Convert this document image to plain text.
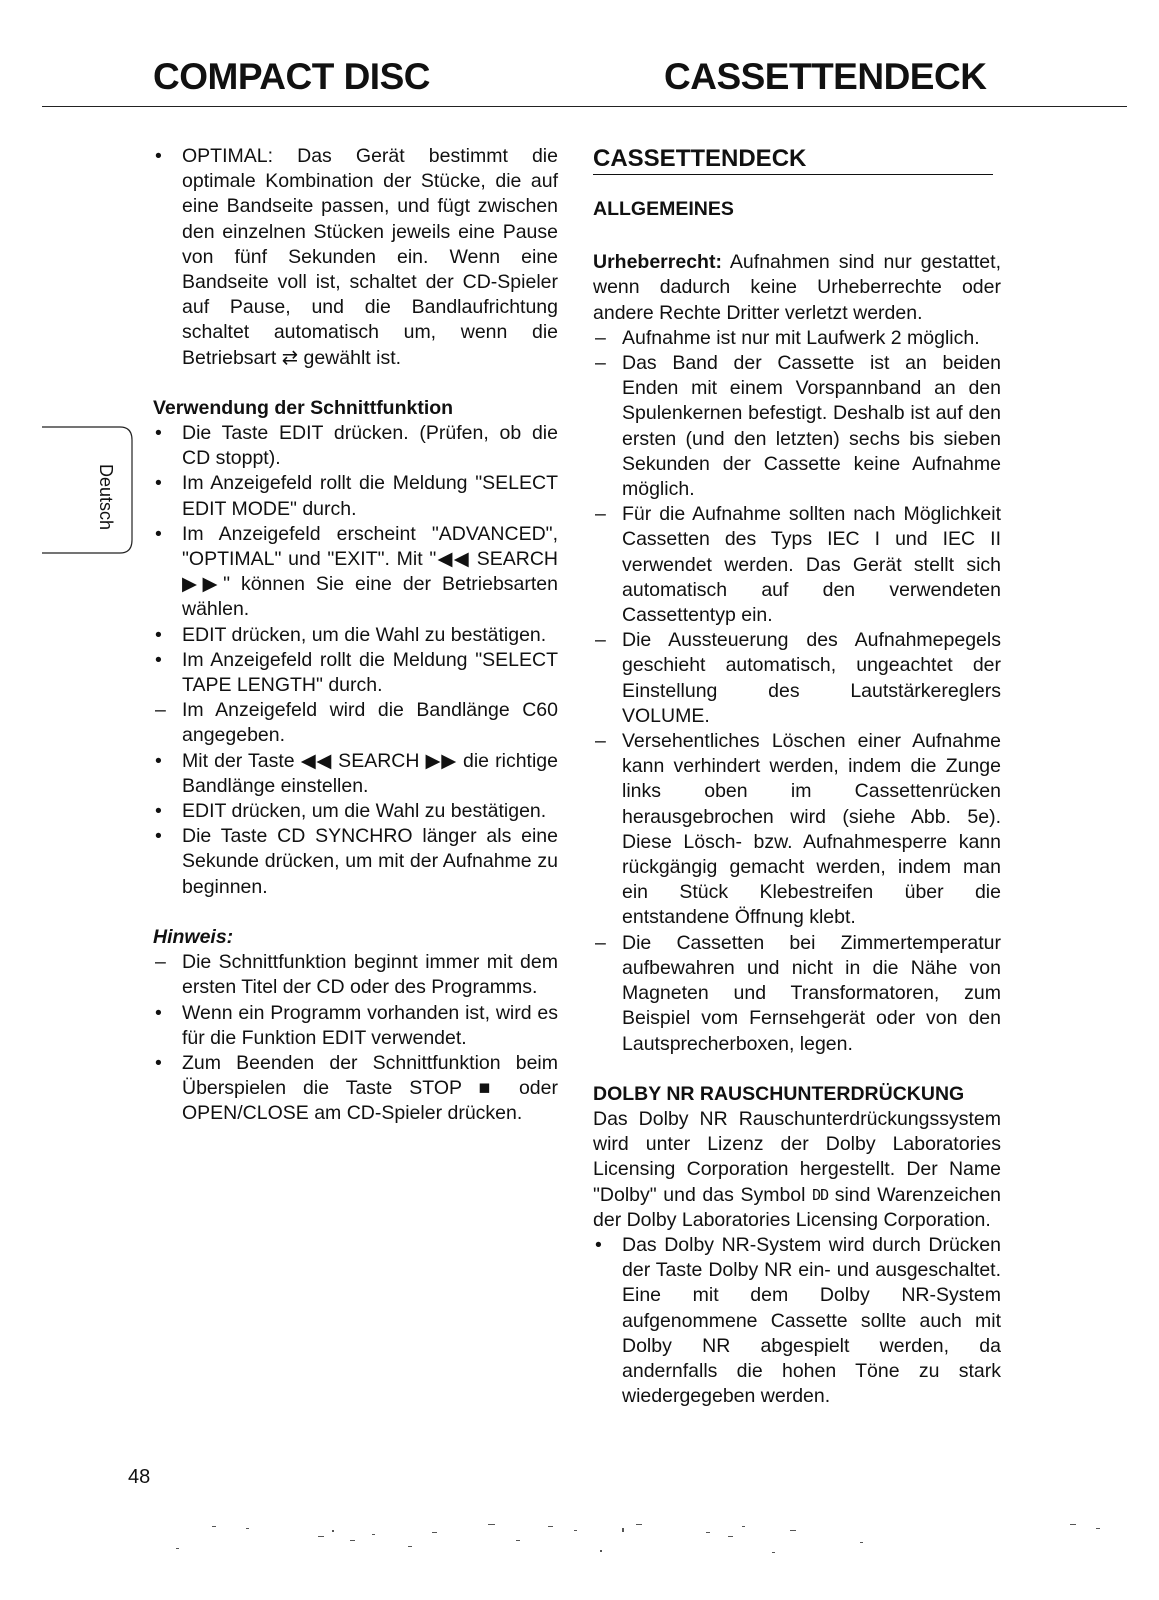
COMPACT DISC	CASSETTENDECK
Deutsch
• OPTIMAL: Das Gerät bestimmt die optimale Kombination der Stücke, die auf eine Bandseite passen, und fügt zwischen den einzelnen Stücken jeweils eine Pause von fünf Sekunden ein. Wenn eine Bandseite voll ist, schaltet der CD-Spieler auf Pause, und die Bandlaufrichtung schaltet automatisch um, wenn die Betriebsart ⇄ gewählt ist.
Verwendung der Schnittfunktion
• Die Taste EDIT drücken. (Prüfen, ob die CD stoppt).
• Im Anzeigefeld rollt die Meldung "SELECT EDIT MODE" durch.
• Im Anzeigefeld erscheint "ADVANCED", "OPTIMAL" und "EXIT". Mit "◀◀ SEARCH ▶▶" können Sie eine der Betriebsarten wählen.
• EDIT drücken, um die Wahl zu bestätigen.
• Im Anzeigefeld rollt die Meldung "SELECT TAPE LENGTH" durch.
– Im Anzeigefeld wird die Bandlänge C60 angegeben.
• Mit der Taste ◀◀ SEARCH ▶▶ die richtige Bandlänge einstellen.
• EDIT drücken, um die Wahl zu bestätigen.
• Die Taste CD SYNCHRO länger als eine Sekunde drücken, um mit der Aufnahme zu beginnen.
Hinweis:
– Die Schnittfunktion beginnt immer mit dem ersten Titel der CD oder des Programms.
• Wenn ein Programm vorhanden ist, wird es für die Funktion EDIT verwendet.
• Zum Beenden der Schnittfunktion beim Überspielen die Taste STOP ■ oder OPEN/CLOSE am CD-Spieler drücken.
CASSETTENDECK
ALLGEMEINES
Urheberrecht: Aufnahmen sind nur gestattet, wenn dadurch keine Urheberrechte oder andere Rechte Dritter verletzt werden.
– Aufnahme ist nur mit Laufwerk 2 möglich.
– Das Band der Cassette ist an beiden Enden mit einem Vorspannband an den Spulenkernen befestigt. Deshalb ist auf den ersten (und den letzten) sechs bis sieben Sekunden der Cassette keine Aufnahme möglich.
– Für die Aufnahme sollten nach Möglichkeit Cassetten des Typs IEC I und IEC II verwendet werden. Das Gerät stellt sich automatisch auf den verwendeten Cassettentyp ein.
– Die Aussteuerung des Aufnahmepegels geschieht automatisch, ungeachtet der Einstellung des Lautstärkereglers VOLUME.
– Versehentliches Löschen einer Aufnahme kann verhindert werden, indem die Zunge links oben im Cassettenrücken herausgebrochen wird (siehe Abb. 5e). Diese Lösch- bzw. Aufnahmesperre kann rückgängig gemacht werden, indem man ein Stück Klebestreifen über die entstandene Öffnung klebt.
– Die Cassetten bei Zimmertemperatur aufbewahren und nicht in die Nähe von Magneten und Transformatoren, zum Beispiel vom Fernsehgerät oder von den Lautsprecherboxen, legen.
DOLBY NR RAUSCHUNTERDRÜCKUNG
Das Dolby NR Rauschunterdrückungssystem wird unter Lizenz der Dolby Laboratories Licensing Corporation hergestellt. Der Name "Dolby" und das Symbol DD sind Warenzeichen der Dolby Laboratories Licensing Corporation.
• Das Dolby NR-System wird durch Drücken der Taste Dolby NR ein- und ausgeschaltet. Eine mit dem Dolby NR-System aufgenommene Cassette sollte auch mit Dolby NR abgespielt werden, da andernfalls die hohen Töne zu stark wiedergegeben werden.
48
